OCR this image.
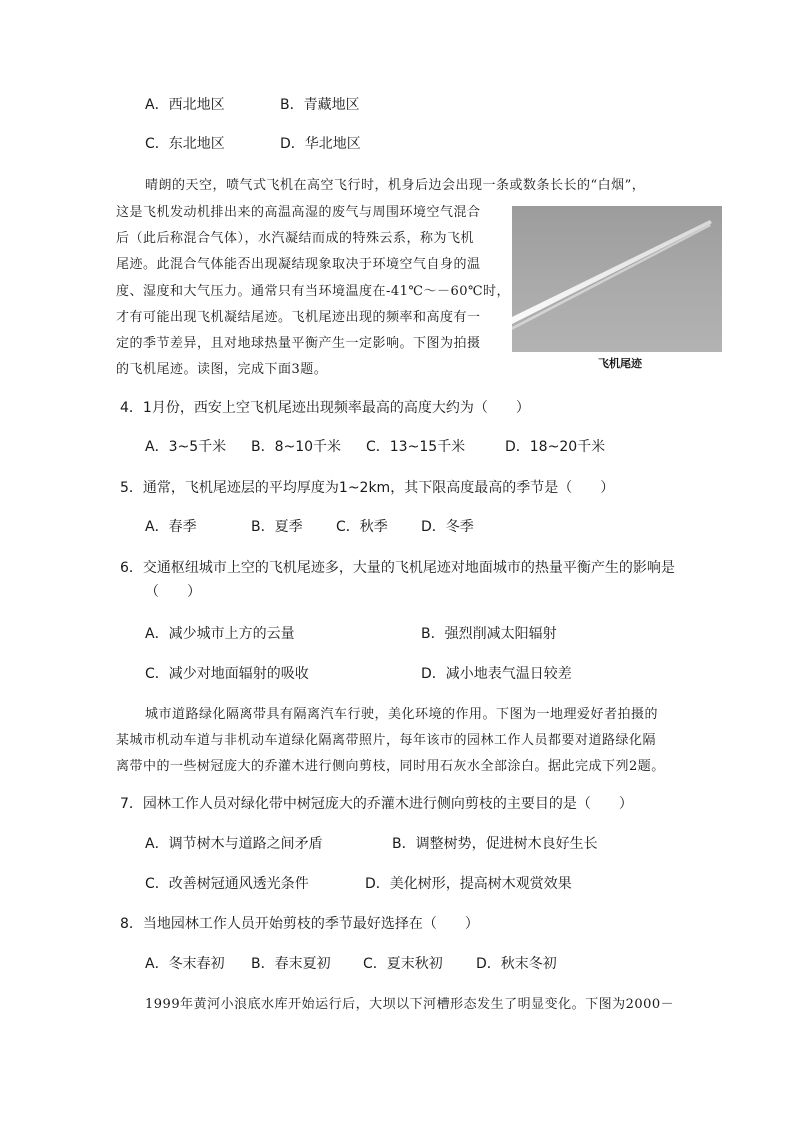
A．西北地区	B．青藏地区
C．东北地区	D．华北地区
晴朗的天空，喷气式飞机在高空飞行时，机身后边会出现一条或数条长长的“白烟”，
这是飞机发动机排出来的高温高湿的废气与周围环境空气混合
后（此后称混合气体），水汽凝结而成的特殊云系，称为飞机
尾迹。此混合气体能否出现凝结现象取决于环境空气自身的温
度、湿度和大气压力。通常只有当环境温度在-41℃～－60℃时，
才有可能出现飞机凝结尾迹。飞机尾迹出现的频率和高度有一
定的季节差异，且对地球热量平衡产生一定影响。下图为拍摄
的飞机尾迹。读图，完成下面3题。	飞机尾迹
4．1月份，西安上空飞机尾迹出现频率最高的高度大约为（　　）
A．3~5千米 B．8~10千米 C．13~15千米	D．18~20千米
5．通常，飞机尾迹层的平均厚度为1~2km，其下限高度最高的季节是（　　）
A．春季	B．夏季 C．秋季 D．冬季
6．交通枢纽城市上空的飞机尾迹多，大量的飞机尾迹对地面城市的热量平衡产生的影响是
（　　）
A．减少城市上方的云量	B．强烈削减太阳辐射
C．减少对地面辐射的吸收	D．减小地表气温日较差
城市道路绿化隔离带具有隔离汽车行驶，美化环境的作用。下图为一地理爱好者拍摄的
某城市机动车道与非机动车道绿化隔离带照片，每年该市的园林工作人员都要对道路绿化隔
离带中的一些树冠庞大的乔灌木进行侧向剪枝，同时用石灰水全部涂白。据此完成下列2题。
7．园林工作人员对绿化带中树冠庞大的乔灌木进行侧向剪枝的主要目的是（　　）
A．调节树木与道路之间矛盾	B．调整树势，促进树木良好生长
C．改善树冠通风透光条件	D．美化树形，提高树木观赏效果
8．当地园林工作人员开始剪枝的季节最好选择在（　　）
A．冬末春初 B．春末夏初 C．夏末秋初 D．秋末冬初
1999年黄河小浪底水库开始运行后，大坝以下河槽形态发生了明显变化。下图为2000－
